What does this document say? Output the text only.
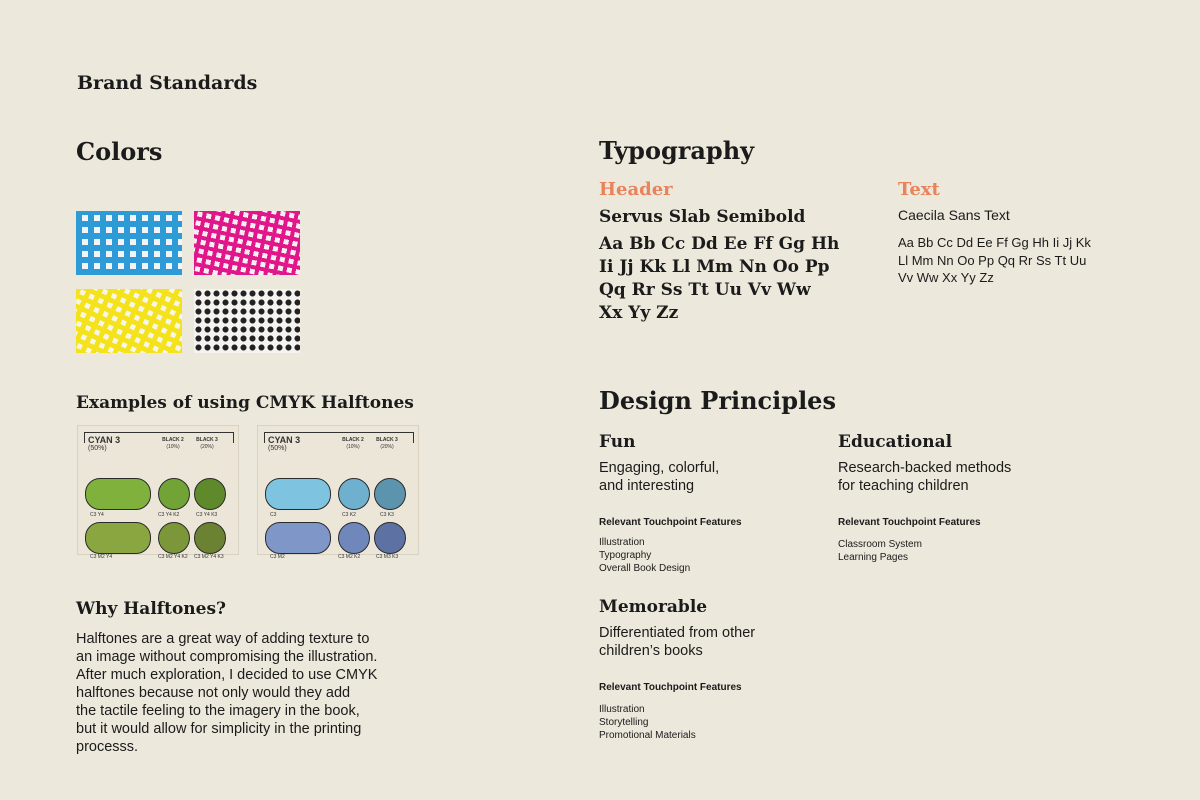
Brand Standards
Colors
Examples of using CMYK Halftones
CYAN 3
(50%)
BLACK 2
(10%)
BLACK 3
(20%)
C3 Y4	C3 Y4 K2	C3 Y4 K3
C3 M2 Y4	C3 M2 Y4 K2 C3 M2 Y4 K3
CYAN 3
(50%)
BLACK 2
(10%)
BLACK 3
(20%)
C3	C3 K2	C3 K3
C3 M2	C3 M2 K2	C3 M3 K3
Why Halftones?
Halftones are a great way of adding texture to
an image without compromising the illustration.
After much exploration, I decided to use CMYK
halftones because not only would they add
the tactile feeling to the imagery in the book,
but it would allow for simplicity in the printing
processs.
Typography
Header
Servus Slab Semibold
Aa Bb Cc Dd Ee Ff Gg Hh
Ii Jj Kk Ll Mm Nn Oo Pp
Qq Rr Ss Tt Uu Vv Ww
Xx Yy Zz
Text
Caecila Sans Text
Aa Bb Cc Dd Ee Ff Gg Hh Ii Jj Kk
Ll Mm Nn Oo Pp Qq Rr Ss Tt Uu
Vv Ww Xx Yy Zz
Design Principles
Fun
Engaging, colorful,
and interesting
Relevant Touchpoint Features
Illustration
Typography
Overall Book Design
Educational
Research-backed methods
for teaching children
Relevant Touchpoint Features
Classroom System
Learning Pages
Memorable
Differentiated from other
children’s books
Relevant Touchpoint Features
Illustration
Storytelling
Promotional Materials
